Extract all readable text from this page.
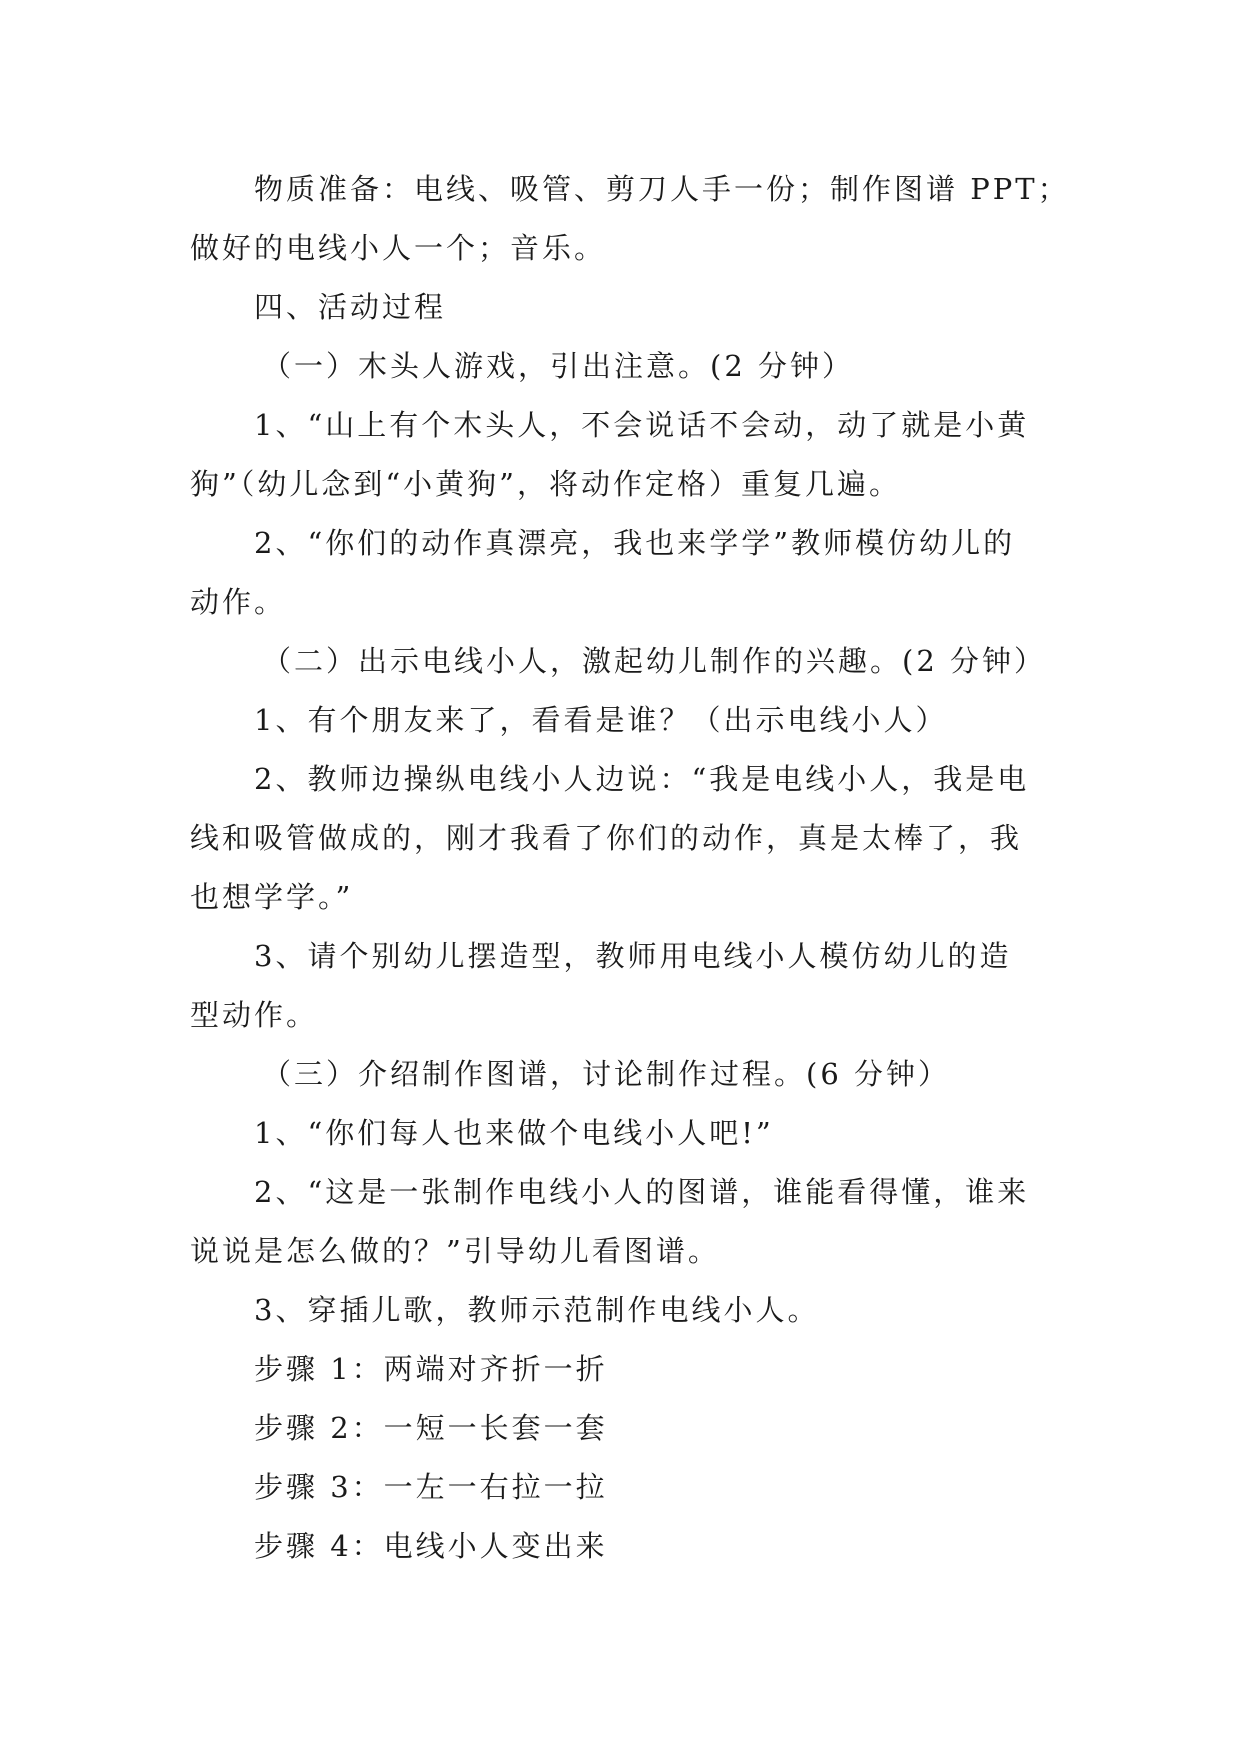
物质准备：电线、吸管、剪刀人手一份；制作图谱 PPT；

做好的电线小人一个；音乐。

四、活动过程

（一）木头人游戏，引出注意。(2 分钟）

1、“山上有个木头人，不会说话不会动，动了就是小黄

狗”（幼儿念到“小黄狗”，将动作定格）重复几遍。

2、“你们的动作真漂亮，我也来学学”教师模仿幼儿的

动作。

（二）出示电线小人，激起幼儿制作的兴趣。(2 分钟）

1、有个朋友来了，看看是谁？（出示电线小人）

2、教师边操纵电线小人边说：“我是电线小人，我是电

线和吸管做成的，刚才我看了你们的动作，真是太棒了，我

也想学学。”

3、请个别幼儿摆造型，教师用电线小人模仿幼儿的造

型动作。

（三）介绍制作图谱，讨论制作过程。(6 分钟）

1、“你们每人也来做个电线小人吧!”

2、“这是一张制作电线小人的图谱，谁能看得懂，谁来

说说是怎么做的？”引导幼儿看图谱。

3、穿插儿歌，教师示范制作电线小人。

步骤 1：两端对齐折一折

步骤 2：一短一长套一套

步骤 3：一左一右拉一拉

步骤 4：电线小人变出来
